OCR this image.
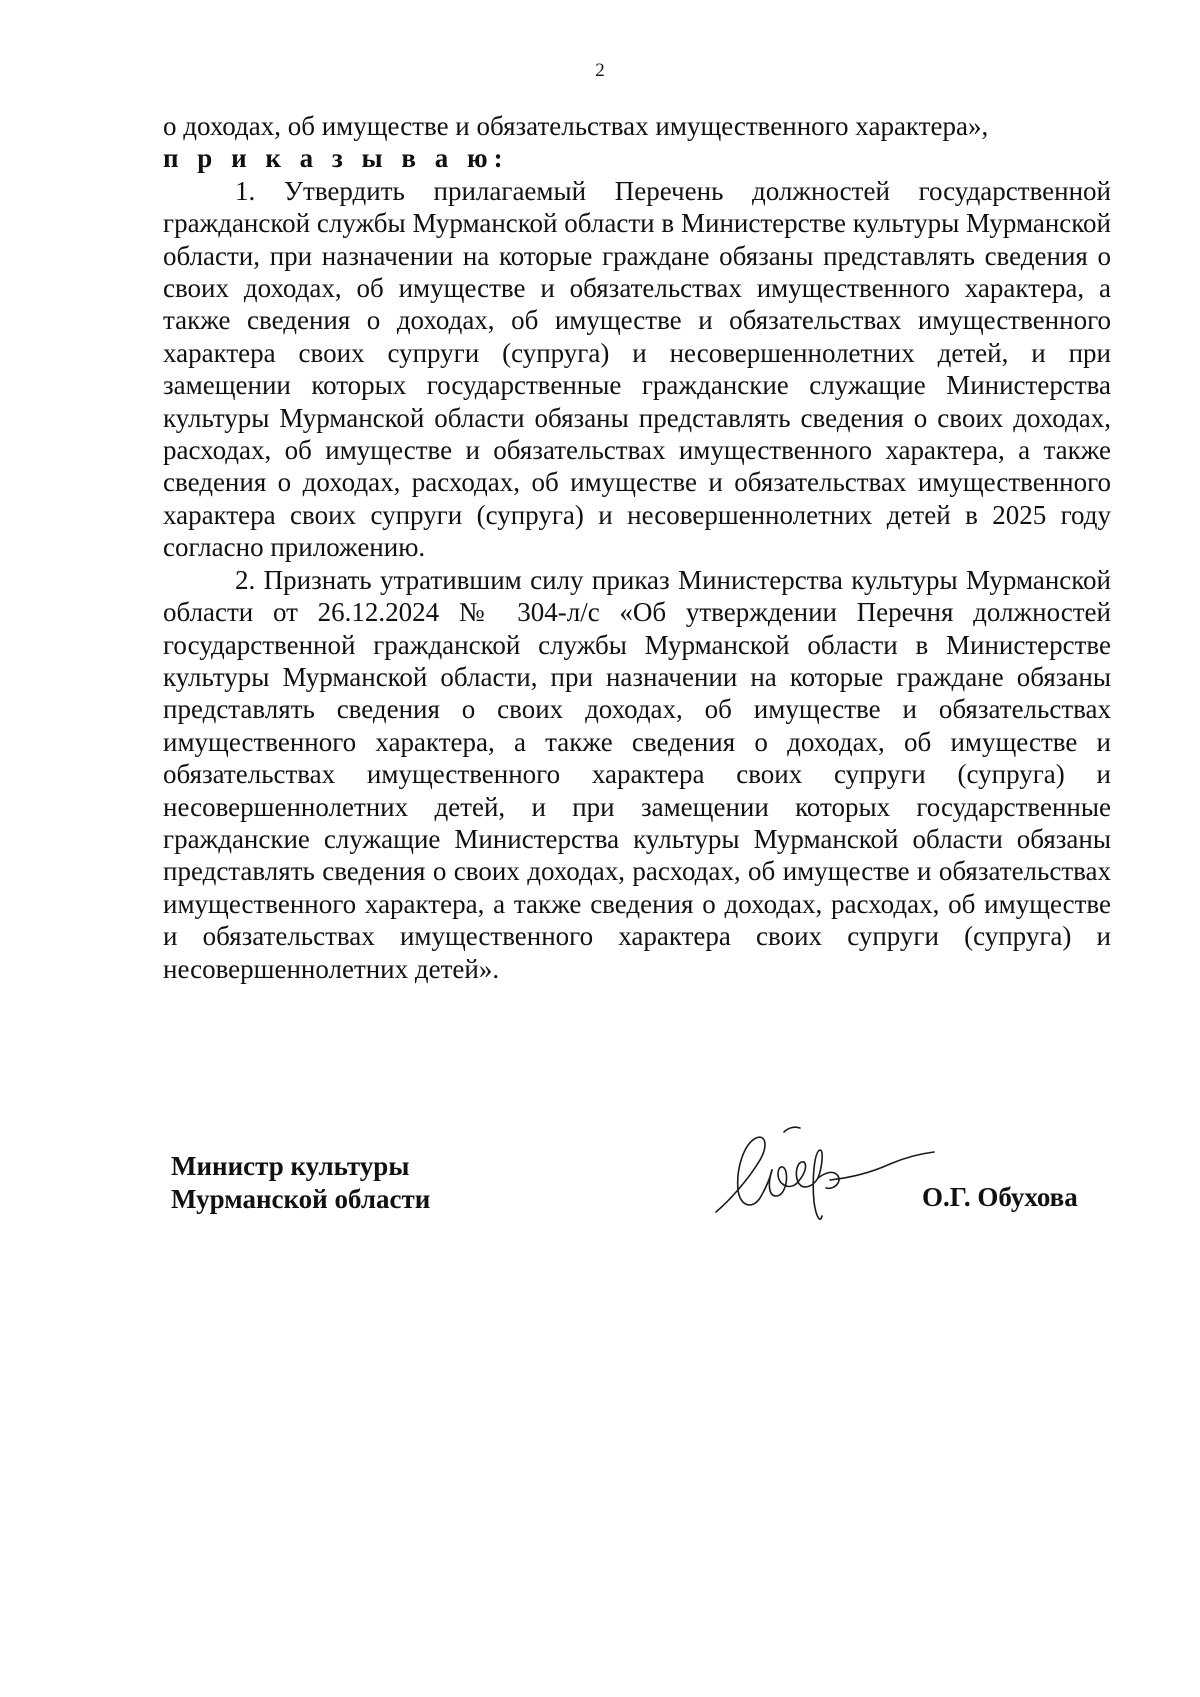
2

о доходах, об имуществе и обязательствах имущественного характера»,
п р и к а з ы в а ю:

1. Утвердить прилагаемый Перечень должностей государственной гражданской службы Мурманской области в Министерстве культуры Мурманской области, при назначении на которые граждане обязаны представлять сведения о своих доходах, об имуществе и обязательствах имущественного характера, а также сведения о доходах, об имуществе и обязательствах имущественного характера своих супруги (супруга) и несовершеннолетних детей, и при замещении которых государственные гражданские служащие Министерства культуры Мурманской области обязаны представлять сведения о своих доходах, расходах, об имуществе и обязательствах имущественного характера, а также сведения о доходах, расходах, об имуществе и обязательствах имущественного характера своих супруги (супруга) и несовершеннолетних детей в 2025 году согласно приложению.

2. Признать утратившим силу приказ Министерства культуры Мурманской области от 26.12.2024 № 304-л/с «Об утверждении Перечня должностей государственной гражданской службы Мурманской области в Министерстве культуры Мурманской области, при назначении на которые граждане обязаны представлять сведения о своих доходах, об имуществе и обязательствах имущественного характера, а также сведения о доходах, об имуществе и обязательствах имущественного характера своих супруги (супруга) и несовершеннолетних детей, и при замещении которых государственные гражданские служащие Министерства культуры Мурманской области обязаны представлять сведения о своих доходах, расходах, об имуществе и обязательствах имущественного характера, а также сведения о доходах, расходах, об имуществе и обязательствах имущественного характера своих супруги (супруга) и несовершеннолетних детей».

Министр культуры
Мурманской области	О.Г. Обухова
